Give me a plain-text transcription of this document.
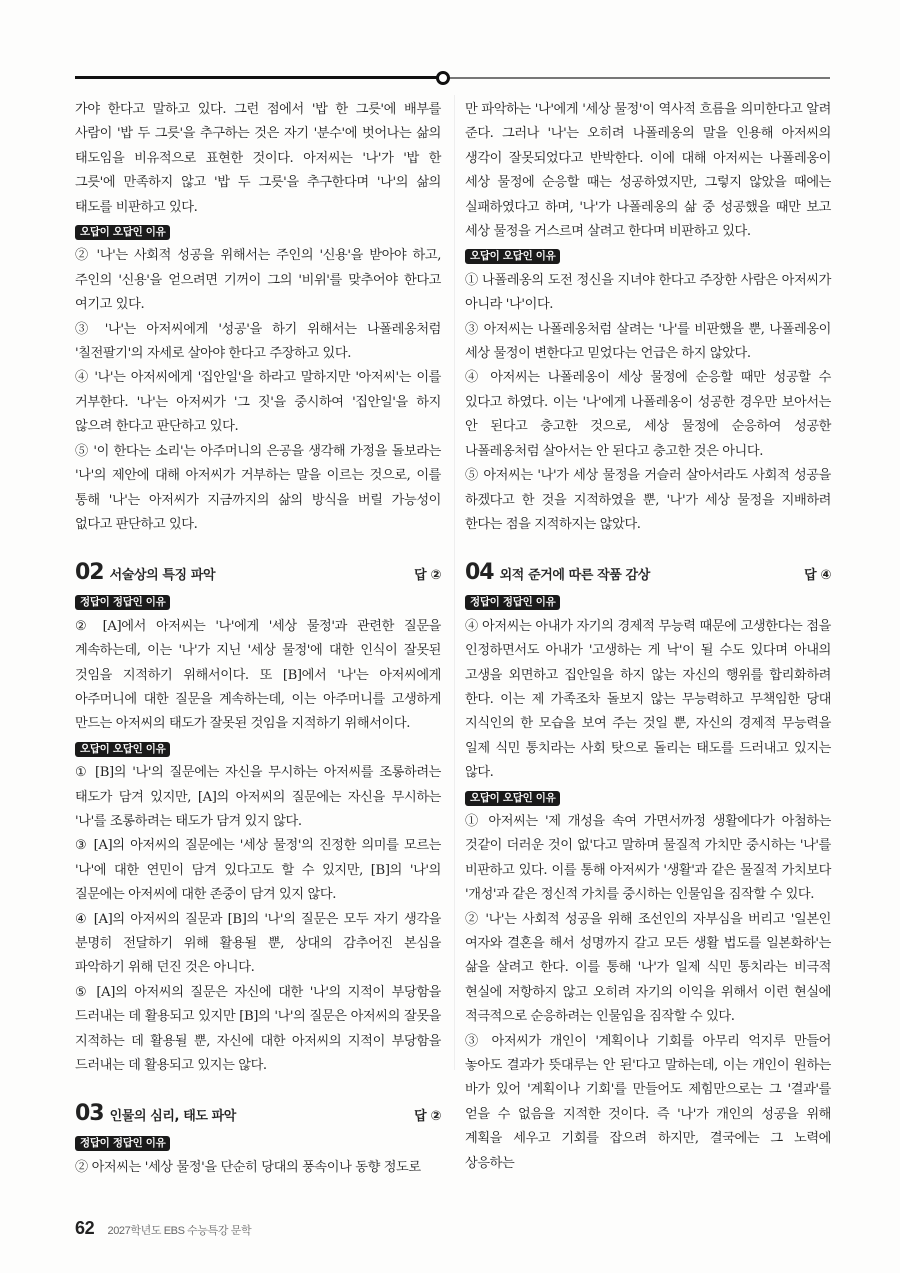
가야 한다고 말하고 있다. 그런 점에서 '밥 한 그릇'에 배부를 사람이 '밥 두 그릇'을 추구하는 것은 자기 '분수'에 벗어나는 삶의 태도임을 비유적으로 표현한 것이다. 아저씨는 '나'가 '밥 한 그릇'에 만족하지 않고 '밥 두 그릇'을 추구한다며 '나'의 삶의 태도를 비판하고 있다.

오답이 오답인 이유

② '나'는 사회적 성공을 위해서는 주인의 '신용'을 받아야 하고, 주인의 '신용'을 얻으려면 기꺼이 그의 '비위'를 맞추어야 한다고 여기고 있다.

③ '나'는 아저씨에게 '성공'을 하기 위해서는 나폴레옹처럼 '칠전팔기'의 자세로 살아야 한다고 주장하고 있다.

④ '나'는 아저씨에게 '집안일'을 하라고 말하지만 '아저씨'는 이를 거부한다. '나'는 아저씨가 '그 짓'을 중시하여 '집안일'을 하지 않으려 한다고 판단하고 있다.

⑤ '이 한다는 소리'는 아주머니의 은공을 생각해 가정을 돌보라는 '나'의 제안에 대해 아저씨가 거부하는 말을 이르는 것으로, 이를 통해 '나'는 아저씨가 지금까지의 삶의 방식을 버릴 가능성이 없다고 판단하고 있다.

02 서술상의 특징 파악	답 ②
정답이 정답인 이유

② [A]에서 아저씨는 '나'에게 '세상 물정'과 관련한 질문을 계속하는데, 이는 '나'가 지닌 '세상 물정'에 대한 인식이 잘못된 것임을 지적하기 위해서이다. 또 [B]에서 '나'는 아저씨에게 아주머니에 대한 질문을 계속하는데, 이는 아주머니를 고생하게 만드는 아저씨의 태도가 잘못된 것임을 지적하기 위해서이다.

오답이 오답인 이유

① [B]의 '나'의 질문에는 자신을 무시하는 아저씨를 조롱하려는 태도가 담겨 있지만, [A]의 아저씨의 질문에는 자신을 무시하는 '나'를 조롱하려는 태도가 담겨 있지 않다.

③ [A]의 아저씨의 질문에는 '세상 물정'의 진정한 의미를 모르는 '나'에 대한 연민이 담겨 있다고도 할 수 있지만, [B]의 '나'의 질문에는 아저씨에 대한 존중이 담겨 있지 않다.

④ [A]의 아저씨의 질문과 [B]의 '나'의 질문은 모두 자기 생각을 분명히 전달하기 위해 활용될 뿐, 상대의 감추어진 본심을 파악하기 위해 던진 것은 아니다.

⑤ [A]의 아저씨의 질문은 자신에 대한 '나'의 지적이 부당함을 드러내는 데 활용되고 있지만 [B]의 '나'의 질문은 아저씨의 잘못을 지적하는 데 활용될 뿐, 자신에 대한 아저씨의 지적이 부당함을 드러내는 데 활용되고 있지는 않다.

03 인물의 심리, 태도 파악	답 ②
정답이 정답인 이유

② 아저씨는 '세상 물정'을 단순히 당대의 풍속이나 동향 정도로

62 2027학년도 EBS 수능특강 문학

만 파악하는 '나'에게 '세상 물정'이 역사적 흐름을 의미한다고 알려 준다. 그러나 '나'는 오히려 나폴레옹의 말을 인용해 아저씨의 생각이 잘못되었다고 반박한다. 이에 대해 아저씨는 나폴레옹이 세상 물정에 순응할 때는 성공하였지만, 그렇지 않았을 때에는 실패하였다고 하며, '나'가 나폴레옹의 삶 중 성공했을 때만 보고 세상 물정을 거스르며 살려고 한다며 비판하고 있다.

오답이 오답인 이유

① 나폴레옹의 도전 정신을 지녀야 한다고 주장한 사람은 아저씨가 아니라 '나'이다.

③ 아저씨는 나폴레옹처럼 살려는 '나'를 비판했을 뿐, 나폴레옹이 세상 물정이 변한다고 믿었다는 언급은 하지 않았다.

④ 아저씨는 나폴레옹이 세상 물정에 순응할 때만 성공할 수 있다고 하였다. 이는 '나'에게 나폴레옹이 성공한 경우만 보아서는 안 된다고 충고한 것으로, 세상 물정에 순응하여 성공한 나폴레옹처럼 살아서는 안 된다고 충고한 것은 아니다.

⑤ 아저씨는 '나'가 세상 물정을 거슬러 살아서라도 사회적 성공을 하겠다고 한 것을 지적하였을 뿐, '나'가 세상 물정을 지배하려 한다는 점을 지적하지는 않았다.

04 외적 준거에 따른 작품 감상	답 ④
정답이 정답인 이유

④ 아저씨는 아내가 자기의 경제적 무능력 때문에 고생한다는 점을 인정하면서도 아내가 '고생하는 게 낙'이 될 수도 있다며 아내의 고생을 외면하고 집안일을 하지 않는 자신의 행위를 합리화하려 한다. 이는 제 가족조차 돌보지 않는 무능력하고 무책임한 당대 지식인의 한 모습을 보여 주는 것일 뿐, 자신의 경제적 무능력을 일제 식민 통치라는 사회 탓으로 돌리는 태도를 드러내고 있지는 않다.

오답이 오답인 이유

① 아저씨는 '제 개성을 속여 가면서까정 생활에다가 아첨하는 것같이 더러운 것이 없'다고 말하며 물질적 가치만 중시하는 '나'를 비판하고 있다. 이를 통해 아저씨가 '생활'과 같은 물질적 가치보다 '개성'과 같은 정신적 가치를 중시하는 인물임을 짐작할 수 있다.

② '나'는 사회적 성공을 위해 조선인의 자부심을 버리고 '일본인 여자와 결혼을 해서 성명까지 갈고 모든 생활 법도를 일본화하'는 삶을 살려고 한다. 이를 통해 '나'가 일제 식민 통치라는 비극적 현실에 저항하지 않고 오히려 자기의 이익을 위해서 이런 현실에 적극적으로 순응하려는 인물임을 짐작할 수 있다.

③ 아저씨가 개인이 '계획이나 기회를 아무리 억지루 만들어 놓아도 결과가 뜻대루는 안 된'다고 말하는데, 이는 개인이 원하는 바가 있어 '계획이나 기회'를 만들어도 제힘만으로는 그 '결과'를 얻을 수 없음을 지적한 것이다. 즉 '나'가 개인의 성공을 위해 계획을 세우고 기회를 잡으려 하지만, 결국에는 그 노력에 상응하는
